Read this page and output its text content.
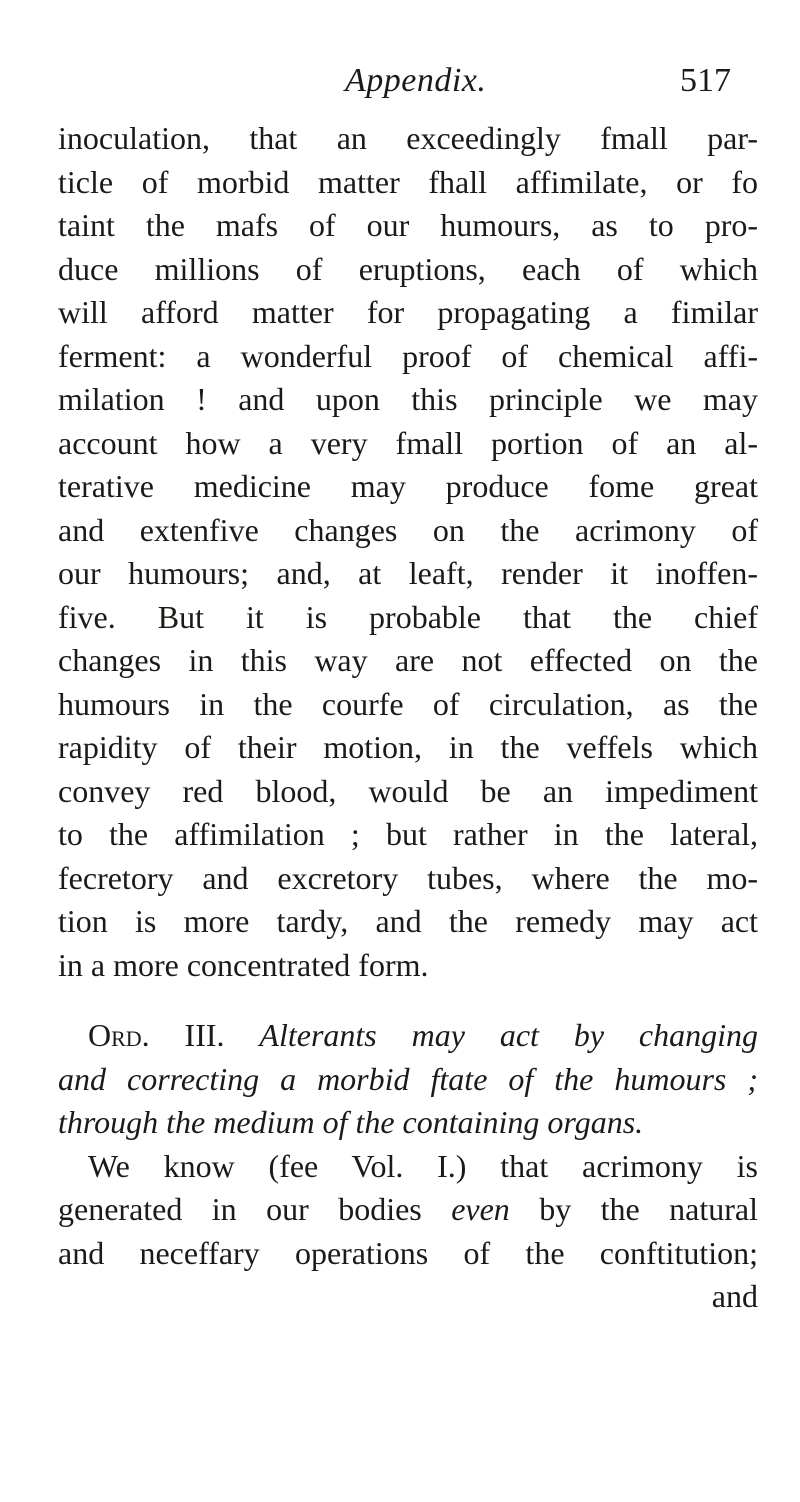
Appendix.	517
inoculation, that an exceedingly fmall par-
ticle of morbid matter fhall affimilate, or fo
taint the mafs of our humours, as to pro-
duce millions of eruptions, each of which
will afford matter for propagating a fimilar
ferment: a wonderful proof of chemical affi-
milation ! and upon this principle we may
account how a very fmall portion of an al-
terative medicine may produce fome great
and extenfive changes on the acrimony of
our humours; and, at leaft, render it inoffen-
five. But it is probable that the chief
changes in this way are not effected on the
humours in the courfe of circulation, as the
rapidity of their motion, in the veffels which
convey red blood, would be an impediment
to the affimilation ; but rather in the lateral,
fecretory and excretory tubes, where the mo-
tion is more tardy, and the remedy may act
in a more concentrated form.
Ord. III. Alterants may act by changing
and correcting a morbid ftate of the humours ;
through the medium of the containing organs.
We know (fee Vol. I.) that acrimony is
generated in our bodies even by the natural
and neceffary operations of the conftitution;
and
